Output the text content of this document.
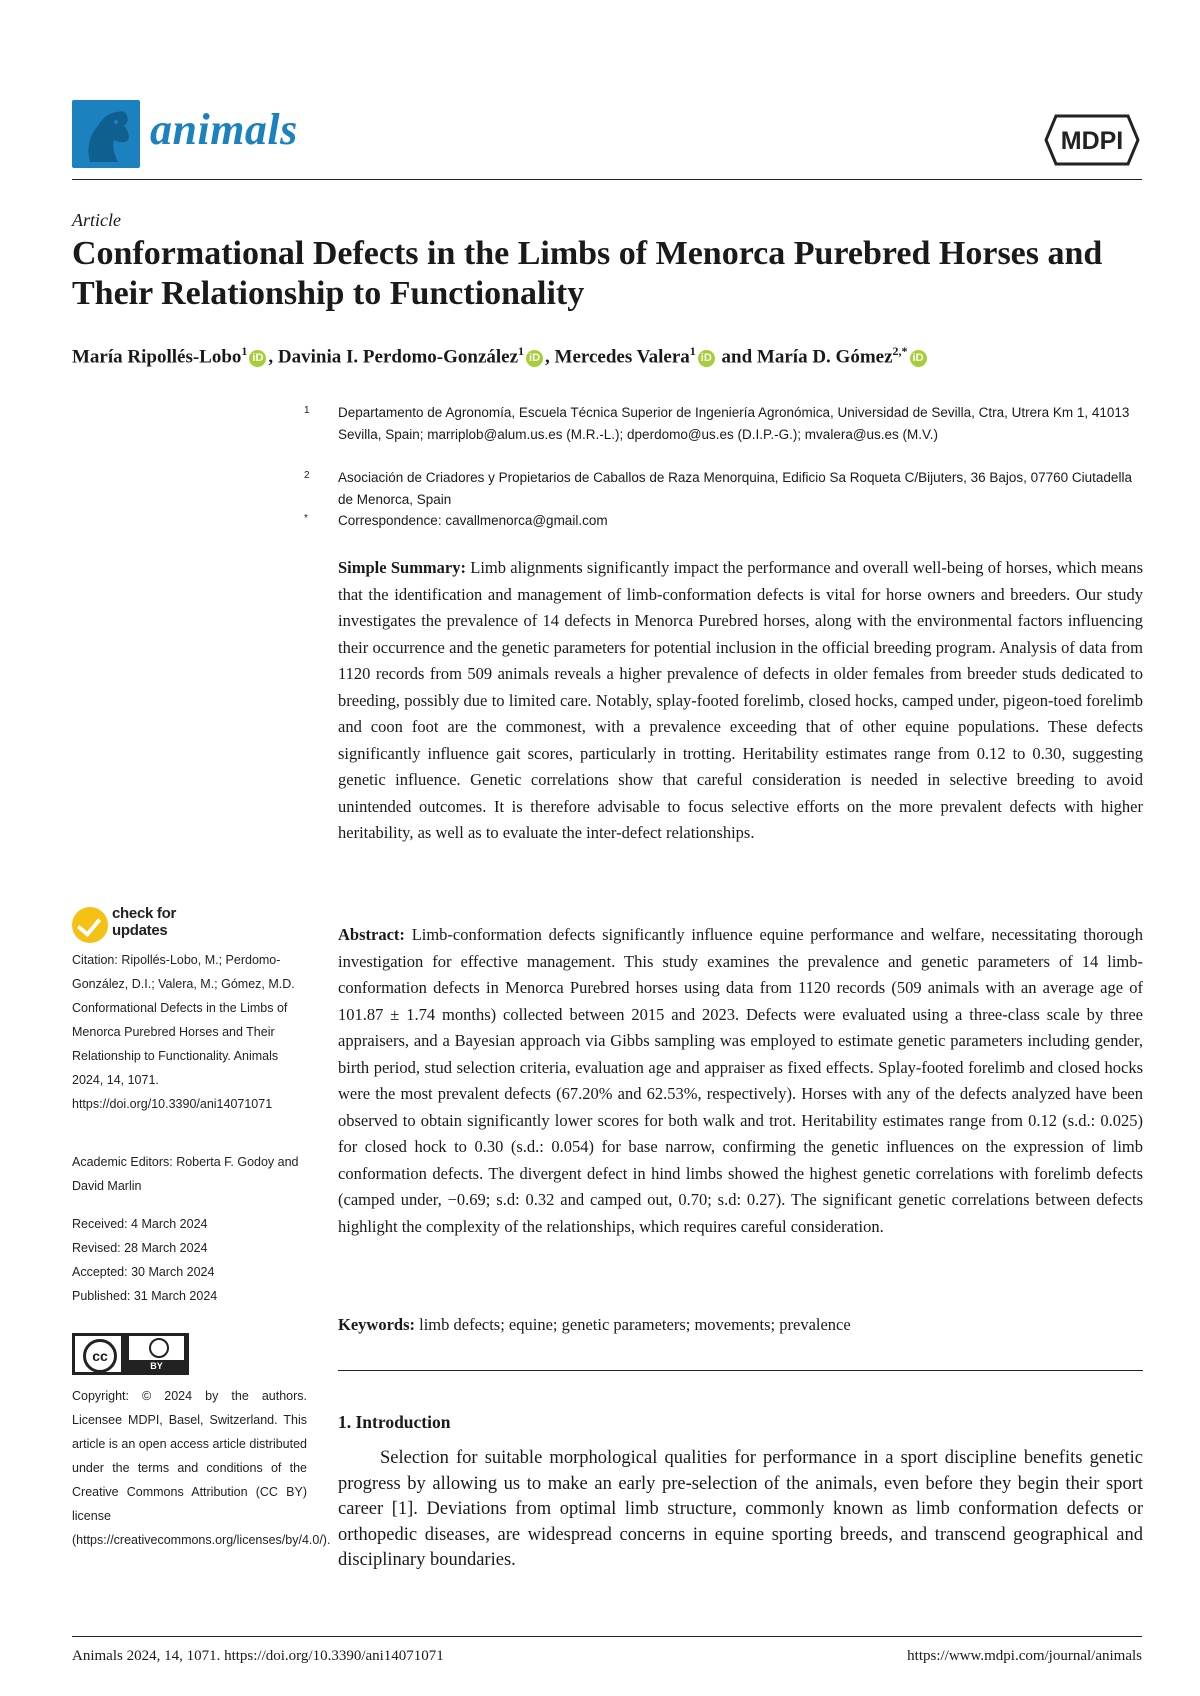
animals	MDPI
Article
Conformational Defects in the Limbs of Menorca Purebred Horses and Their Relationship to Functionality
María Ripollés-Lobo$^1$iD , Davinia I. Perdomo-González$^1$iD , Mercedes Valera$^1$iD and María D. Gómez$^{2,*}$iD
1 Departamento de Agronomía, Escuela Técnica Superior de Ingeniería Agronómica, Universidad de Sevilla, Ctra, Utrera Km 1, 41013 Sevilla, Spain; marriplob@alum.us.es (M.R.-L.); dperdomo@us.es (D.I.P.-G.); mvalera@us.es (M.V.)
2 Asociación de Criadores y Propietarios de Caballos de Raza Menorquina, Edificio Sa Roqueta C/Bijuters, 36 Bajos, 07760 Ciutadella de Menorca, Spain
* Correspondence: cavallmenorca@gmail.com
Simple Summary: Limb alignments significantly impact the performance and overall well-being of horses, which means that the identification and management of limb-conformation defects is vital for horse owners and breeders. Our study investigates the prevalence of 14 defects in Menorca Purebred horses, along with the environmental factors influencing their occurrence and the genetic parameters for potential inclusion in the official breeding program. Analysis of data from 1120 records from 509 animals reveals a higher prevalence of defects in older females from breeder studs dedicated to breeding, possibly due to limited care. Notably, splay-footed forelimb, closed hocks, camped under, pigeon-toed forelimb and coon foot are the commonest, with a prevalence exceeding that of other equine populations. These defects significantly influence gait scores, particularly in trotting. Heritability estimates range from 0.12 to 0.30, suggesting genetic influence. Genetic correlations show that careful consideration is needed in selective breeding to avoid unintended outcomes. It is therefore advisable to focus selective efforts on the more prevalent defects with higher heritability, as well as to evaluate the inter-defect relationships.
Abstract: Limb-conformation defects significantly influence equine performance and welfare, necessitating thorough investigation for effective management. This study examines the prevalence and genetic parameters of 14 limb-conformation defects in Menorca Purebred horses using data from 1120 records (509 animals with an average age of 101.87 ± 1.74 months) collected between 2015 and 2023. Defects were evaluated using a three-class scale by three appraisers, and a Bayesian approach via Gibbs sampling was employed to estimate genetic parameters including gender, birth period, stud selection criteria, evaluation age and appraiser as fixed effects. Splay-footed forelimb and closed hocks were the most prevalent defects (67.20% and 62.53%, respectively). Horses with any of the defects analyzed have been observed to obtain significantly lower scores for both walk and trot. Heritability estimates range from 0.12 (s.d.: 0.025) for closed hock to 0.30 (s.d.: 0.054) for base narrow, confirming the genetic influences on the expression of limb conformation defects. The divergent defect in hind limbs showed the highest genetic correlations with forelimb defects (camped under, −0.69; s.d: 0.32 and camped out, 0.70; s.d: 0.27). The significant genetic correlations between defects highlight the complexity of the relationships, which requires careful consideration.
Keywords: limb defects; equine; genetic parameters; movements; prevalence
1. Introduction
Selection for suitable morphological qualities for performance in a sport discipline benefits genetic progress by allowing us to make an early pre-selection of the animals, even before they begin their sport career [1]. Deviations from optimal limb structure, commonly known as limb conformation defects or orthopedic diseases, are widespread concerns in equine sporting breeds, and transcend geographical and disciplinary boundaries.
check for updates
Citation: Ripollés-Lobo, M.; Perdomo-González, D.I.; Valera, M.; Gómez, M.D. Conformational Defects in the Limbs of Menorca Purebred Horses and Their Relationship to Functionality. Animals 2024, 14, 1071. https://doi.org/10.3390/ani14071071
Academic Editors: Roberta F. Godoy and David Marlin
Received: 4 March 2024
Revised: 28 March 2024
Accepted: 30 March 2024
Published: 31 March 2024
cc
BY
Copyright: © 2024 by the authors. Licensee MDPI, Basel, Switzerland. This article is an open access article distributed under the terms and conditions of the Creative Commons Attribution (CC BY) license (https://creativecommons.org/licenses/by/4.0/).
Animals 2024, 14, 1071. https://doi.org/10.3390/ani14071071	https://www.mdpi.com/journal/animals
